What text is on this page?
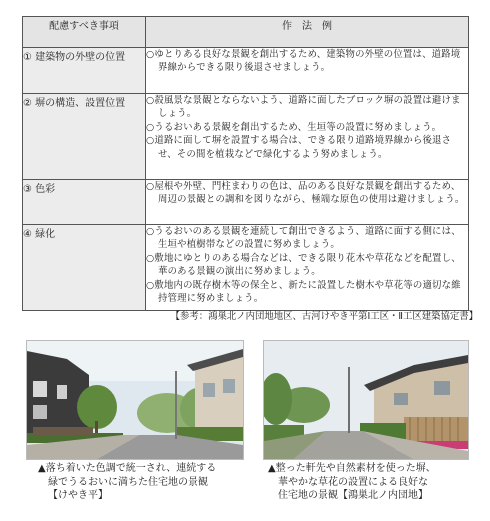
配慮すべき事項	作　法　例
① 建築物の外壁の位置	○ゆとりある良好な景観を創出するため、建築物の外壁の位置は、道路境界線からできる限り後退させましょう。

② 塀の構造、設置位置	○殺風景な景観とならないよう、道路に面したブロック塀の設置は避けましょう。
○うるおいある景観を創出するため、生垣等の設置に努めましょう。
○道路に面して塀を設置する場合は、できる限り道路境界線から後退させ、その間を植栽などで緑化するよう努めましょう。

③ 色彩	○屋根や外壁、門柱まわりの色は、品のある良好な景観を創出するため、周辺の景観との調和を図りながら、極端な原色の使用は避けましょう。

④ 緑化	○うるおいのある景観を連続して創出できるよう、道路に面する側には、生垣や植樹帯などの設置に努めましょう。
○敷地にゆとりのある場合などは、できる限り花木や草花などを配置し、華のある景観の演出に努めましょう。
○敷地内の既存樹木等の保全と、新たに設置した樹木や草花等の適切な維持管理に努めましょう。
【参考：鴻巣北ノ内団地地区、古河けやき平第Ⅰ工区・Ⅱ工区建築協定書】
▲落ち着いた色調で統一され、連続する
緑でうるおいに満ちた住宅地の景観
【けやき平】
▲整った軒先や自然素材を使った塀、
華やかな草花の設置による良好な
住宅地の景観【鴻巣北ノ内団地】
